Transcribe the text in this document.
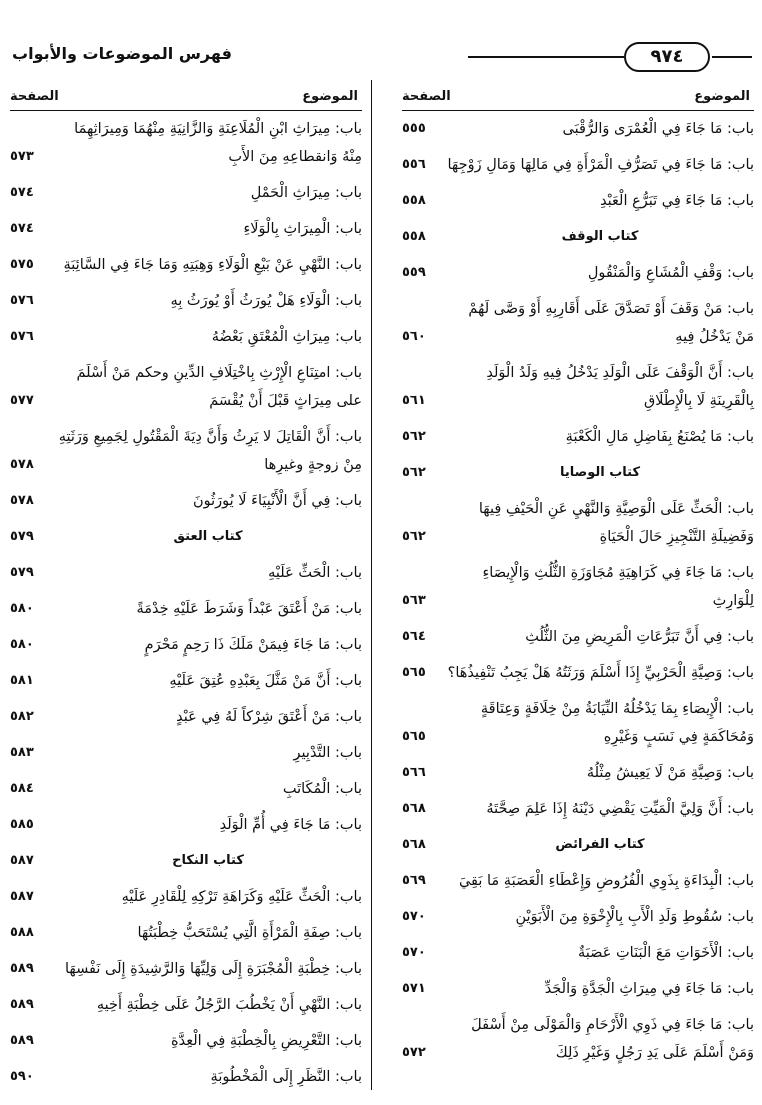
٩٧٤
فهرس الموضوعات والأبواب
الموضوع
الصفحة
باب: مَا جَاءَ فِي الْعُمْرَى وَالرُّقْبَى
٥٥٥
باب: مَا جَاءَ فِي تَصَرُّفِ الْمَرْأَةِ فِي مَالِهَا وَمَالِ زَوْجِهَا
٥٥٦
باب: مَا جَاءَ فِي تَبَرُّعِ الْعَبْدِ
٥٥٨
كتاب الوقف
٥٥٨
باب: وَقْفِ الْمُشَاعِ وَالْمَنْقُولِ
٥٥٩
باب: مَنْ وَقَفَ أَوْ تَصَدَّقَ عَلَى أَقَارِبِهِ أَوْ وَصَّى لَهُمْ مَنْ يَدْخُلُ فِيهِ
٥٦٠
باب: أَنَّ الْوَقْفَ عَلَى الْوَلَدِ يَدْخُلُ فِيهِ وَلَدُ الْوَلَدِ بِالْقَرِينَةِ لَا بِالْإِطْلَاقِ
٥٦١
باب: مَا يُصْنَعُ بِفَاضِلِ مَالِ الْكَعْبَةِ
٥٦٢
كتاب الوصايا
٥٦٢
باب: الْحَثِّ عَلَى الْوَصِيَّةِ وَالنَّهْيِ عَنِ الْحَيْفِ فِيهَا وَفَضِيلَةِ التَّنْجِيزِ حَالَ الْحَيَاةِ
٥٦٢
باب: مَا جَاءَ فِي كَرَاهِيَةِ مُجَاوَزَةِ الثُّلُثِ وَالْإِيصَاءِ لِلْوَارِثِ
٥٦٣
باب: فِي أَنَّ تَبَرُّعَاتِ الْمَرِيضِ مِنَ الثُّلُثِ
٥٦٤
باب: وَصِيَّةِ الْحَرْبِيِّ إِذَا أَسْلَمَ وَرَثَتُهُ هَلْ يَجِبُ تَنْفِيذُهَا؟
٥٦٥
باب: الْإِيصَاءِ بِمَا يَدْخُلُهُ النِّيَابَةُ مِنْ خِلَافَةٍ وَعِتَاقَةٍ وَمُحَاكَمَةٍ فِي نَسَبٍ وَغَيْرِهِ
٥٦٥
باب: وَصِيَّةِ مَنْ لَا يَعِيشُ مِثْلُهُ
٥٦٦
باب: أَنَّ وَلِيَّ الْمَيِّتِ يَقْضِي دَيْنَهُ إِذَا عَلِمَ صِحَّتَهُ
٥٦٨
كتاب الفرائض
٥٦٨
باب: الْبِدَاءَةِ بِذَوِي الْفُرُوضِ وَإِعْطَاءِ الْعَصَبَةِ مَا بَقِيَ
٥٦٩
باب: سُقُوطِ وَلَدِ الْأَبِ بِالْإِخْوَةِ مِنَ الْأَبَوَيْنِ
٥٧٠
باب: الْأَخَوَاتِ مَعَ الْبَنَاتِ عَصَبَةٌ
٥٧٠
باب: مَا جَاءَ فِي مِيرَاثِ الْجَدَّةِ وَالْجَدِّ
٥٧١
باب: مَا جَاءَ فِي ذَوِي الْأَرْحَامِ وَالْمَوْلَى مِنْ أَسْفَلَ وَمَنْ أَسْلَمَ عَلَى يَدِ رَجُلٍ وَغَيْرِ ذَلِكَ
٥٧٢
الموضوع
الصفحة
باب: مِيرَاثِ ابْنِ الْمُلَاعِنَةِ وَالزَّانِيَةِ مِنْهُمَا وَمِيرَاثِهِمَا مِنْهُ وَانقطاعِهِ مِنَ الأَبِ
٥٧٣
باب: مِيرَاثِ الْحَمْلِ
٥٧٤
باب: الْمِيرَاثِ بِالْوَلَاءِ
٥٧٤
باب: النَّهْيِ عَنْ بَيْعِ الْوَلَاءِ وَهِبَتِهِ وَمَا جَاءَ فِي السَّائِبَةِ
٥٧٥
باب: الْوَلَاءِ هَلْ يُورَثُ أَوْ يُورَثُ بِهِ
٥٧٦
باب: مِيرَاثِ الْمُعْتَقِ بَعْضُهُ
٥٧٦
باب: امتِنَاعِ الْإِرْثِ بِاخْتِلَافِ الدِّينِ وحكم مَنْ أَسْلَمَ على مِيرَاثٍ قَبْلَ أَنْ يُقْسَمَ
٥٧٧
باب: أَنَّ الْقَاتِلَ لا يَرِثُ وَأَنَّ دِيَةَ الْمَقْتُولِ لِجَمِيعِ وَرَثَتِهِ مِنْ زوجةٍ وغيرِها
٥٧٨
باب: فِي أَنَّ الْأَنْبِيَاءَ لَا يُورَثُونَ
٥٧٨
كتاب العتق
٥٧٩
باب: الْحَثِّ عَلَيْهِ
٥٧٩
باب: مَنْ أَعْتَقَ عَبْداً وَشَرَطَ عَلَيْهِ خِدْمَةً
٥٨٠
باب: مَا جَاءَ فِيمَنْ مَلَكَ ذَا رَحِمٍ مَحْرَمٍ
٥٨٠
باب: أَنَّ مَنْ مَثَّلَ بِعَبْدِهِ عُتِقَ عَلَيْهِ
٥٨١
باب: مَنْ أَعْتَقَ شِرْكاً لَهُ فِي عَبْدٍ
٥٨٢
باب: التَّدْبِيرِ
٥٨٣
باب: الْمُكَاتَبِ
٥٨٤
باب: مَا جَاءَ فِي أُمِّ الْوَلَدِ
٥٨٥
كتاب النكاح
٥٨٧
باب: الْحَثِّ عَلَيْهِ وَكَرَاهَةِ تَرْكِهِ لِلْقَادِرِ عَلَيْهِ
٥٨٧
باب: صِفَةِ الْمَرْأَةِ الَّتِي يُسْتَحَبُّ خِطْبَتُهَا
٥٨٨
باب: خِطْبَةِ الْمُجْبَرَةِ إِلَى وَلِيِّهَا وَالرَّشِيدَةِ إِلَى نَفْسِهَا
٥٨٩
باب: النَّهْيِ أَنْ يَخْطُبَ الرَّجُلُ عَلَى خِطْبَةِ أَخِيهِ
٥٨٩
باب: التَّعْرِيضِ بِالْخِطْبَةِ فِي الْعِدَّةِ
٥٨٩
باب: النَّظَرِ إِلَى الْمَخْطُوبَةِ
٥٩٠
